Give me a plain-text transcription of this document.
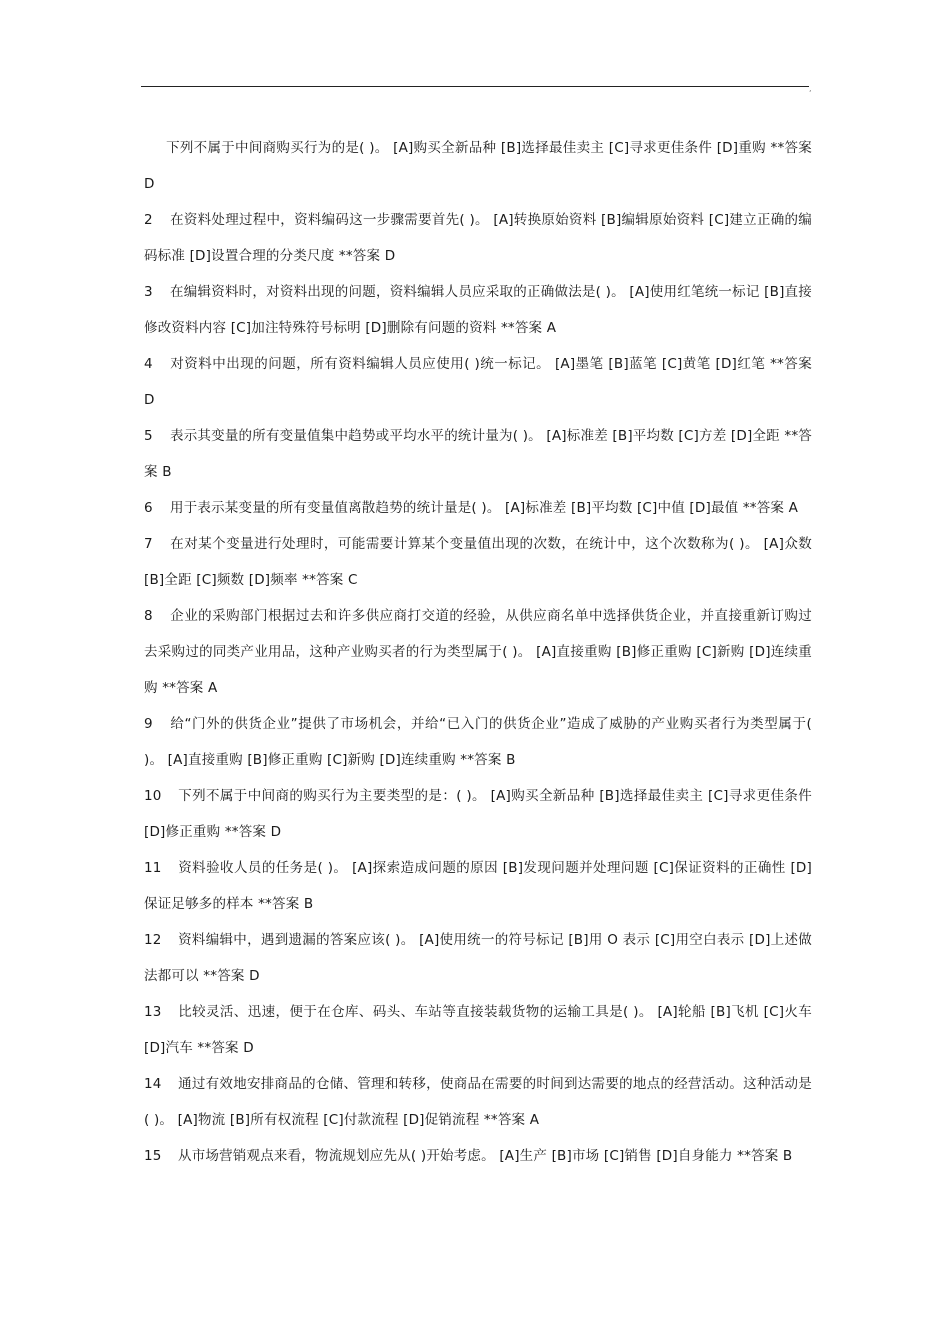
,

下列不属于中间商购买行为的是( )。 [A]购买全新品种 [B]选择最佳卖主 [C]寻求更佳条件 [D]重购 **答案 D

2 在资料处理过程中，资料编码这一步骤需要首先( )。 [A]转换原始资料 [B]编辑原始资料 [C]建立正确的编码标准 [D]设置合理的分类尺度 **答案 D

3 在编辑资料时，对资料出现的问题，资料编辑人员应采取的正确做法是( )。 [A]使用红笔统一标记 [B]直接修改资料内容 [C]加注特殊符号标明 [D]删除有问题的资料 **答案 A

4 对资料中出现的问题，所有资料编辑人员应使用( )统一标记。 [A]墨笔 [B]蓝笔 [C]黄笔 [D]红笔 **答案 D

5 表示其变量的所有变量值集中趋势或平均水平的统计量为( )。 [A]标准差 [B]平均数 [C]方差 [D]全距 **答案 B

6 用于表示某变量的所有变量值离散趋势的统计量是( )。 [A]标准差 [B]平均数 [C]中值 [D]最值 **答案 A

7 在对某个变量进行处理时，可能需要计算某个变量值出现的次数，在统计中，这个次数称为( )。 [A]众数 [B]全距 [C]频数 [D]频率 **答案 C

8 企业的采购部门根据过去和许多供应商打交道的经验，从供应商名单中选择供货企业，并直接重新订购过去采购过的同类产业用品，这种产业购买者的行为类型属于( )。 [A]直接重购 [B]修正重购 [C]新购 [D]连续重购 **答案 A

9 给“门外的供货企业”提供了市场机会，并给“已入门的供货企业”造成了威胁的产业购买者行为类型属于( )。 [A]直接重购 [B]修正重购 [C]新购 [D]连续重购 **答案 B

10 下列不属于中间商的购买行为主要类型的是：( )。 [A]购买全新品种 [B]选择最佳卖主 [C]寻求更佳条件 [D]修正重购 **答案 D

11 资料验收人员的任务是( )。 [A]探索造成问题的原因 [B]发现问题并处理问题 [C]保证资料的正确性 [D]保证足够多的样本 **答案 B

12 资料编辑中，遇到遗漏的答案应该( )。 [A]使用统一的符号标记 [B]用 O 表示 [C]用空白表示 [D]上述做法都可以 **答案 D

13 比较灵活、迅速，便于在仓库、码头、车站等直接装载货物的运输工具是( )。 [A]轮船 [B]飞机 [C]火车 [D]汽车 **答案 D

14 通过有效地安排商品的仓储、管理和转移，使商品在需要的时间到达需要的地点的经营活动。这种活动是( )。 [A]物流 [B]所有权流程 [C]付款流程 [D]促销流程 **答案 A

15 从市场营销观点来看，物流规划应先从( )开始考虑。 [A]生产 [B]市场 [C]销售 [D]自身能力 **答案 B
